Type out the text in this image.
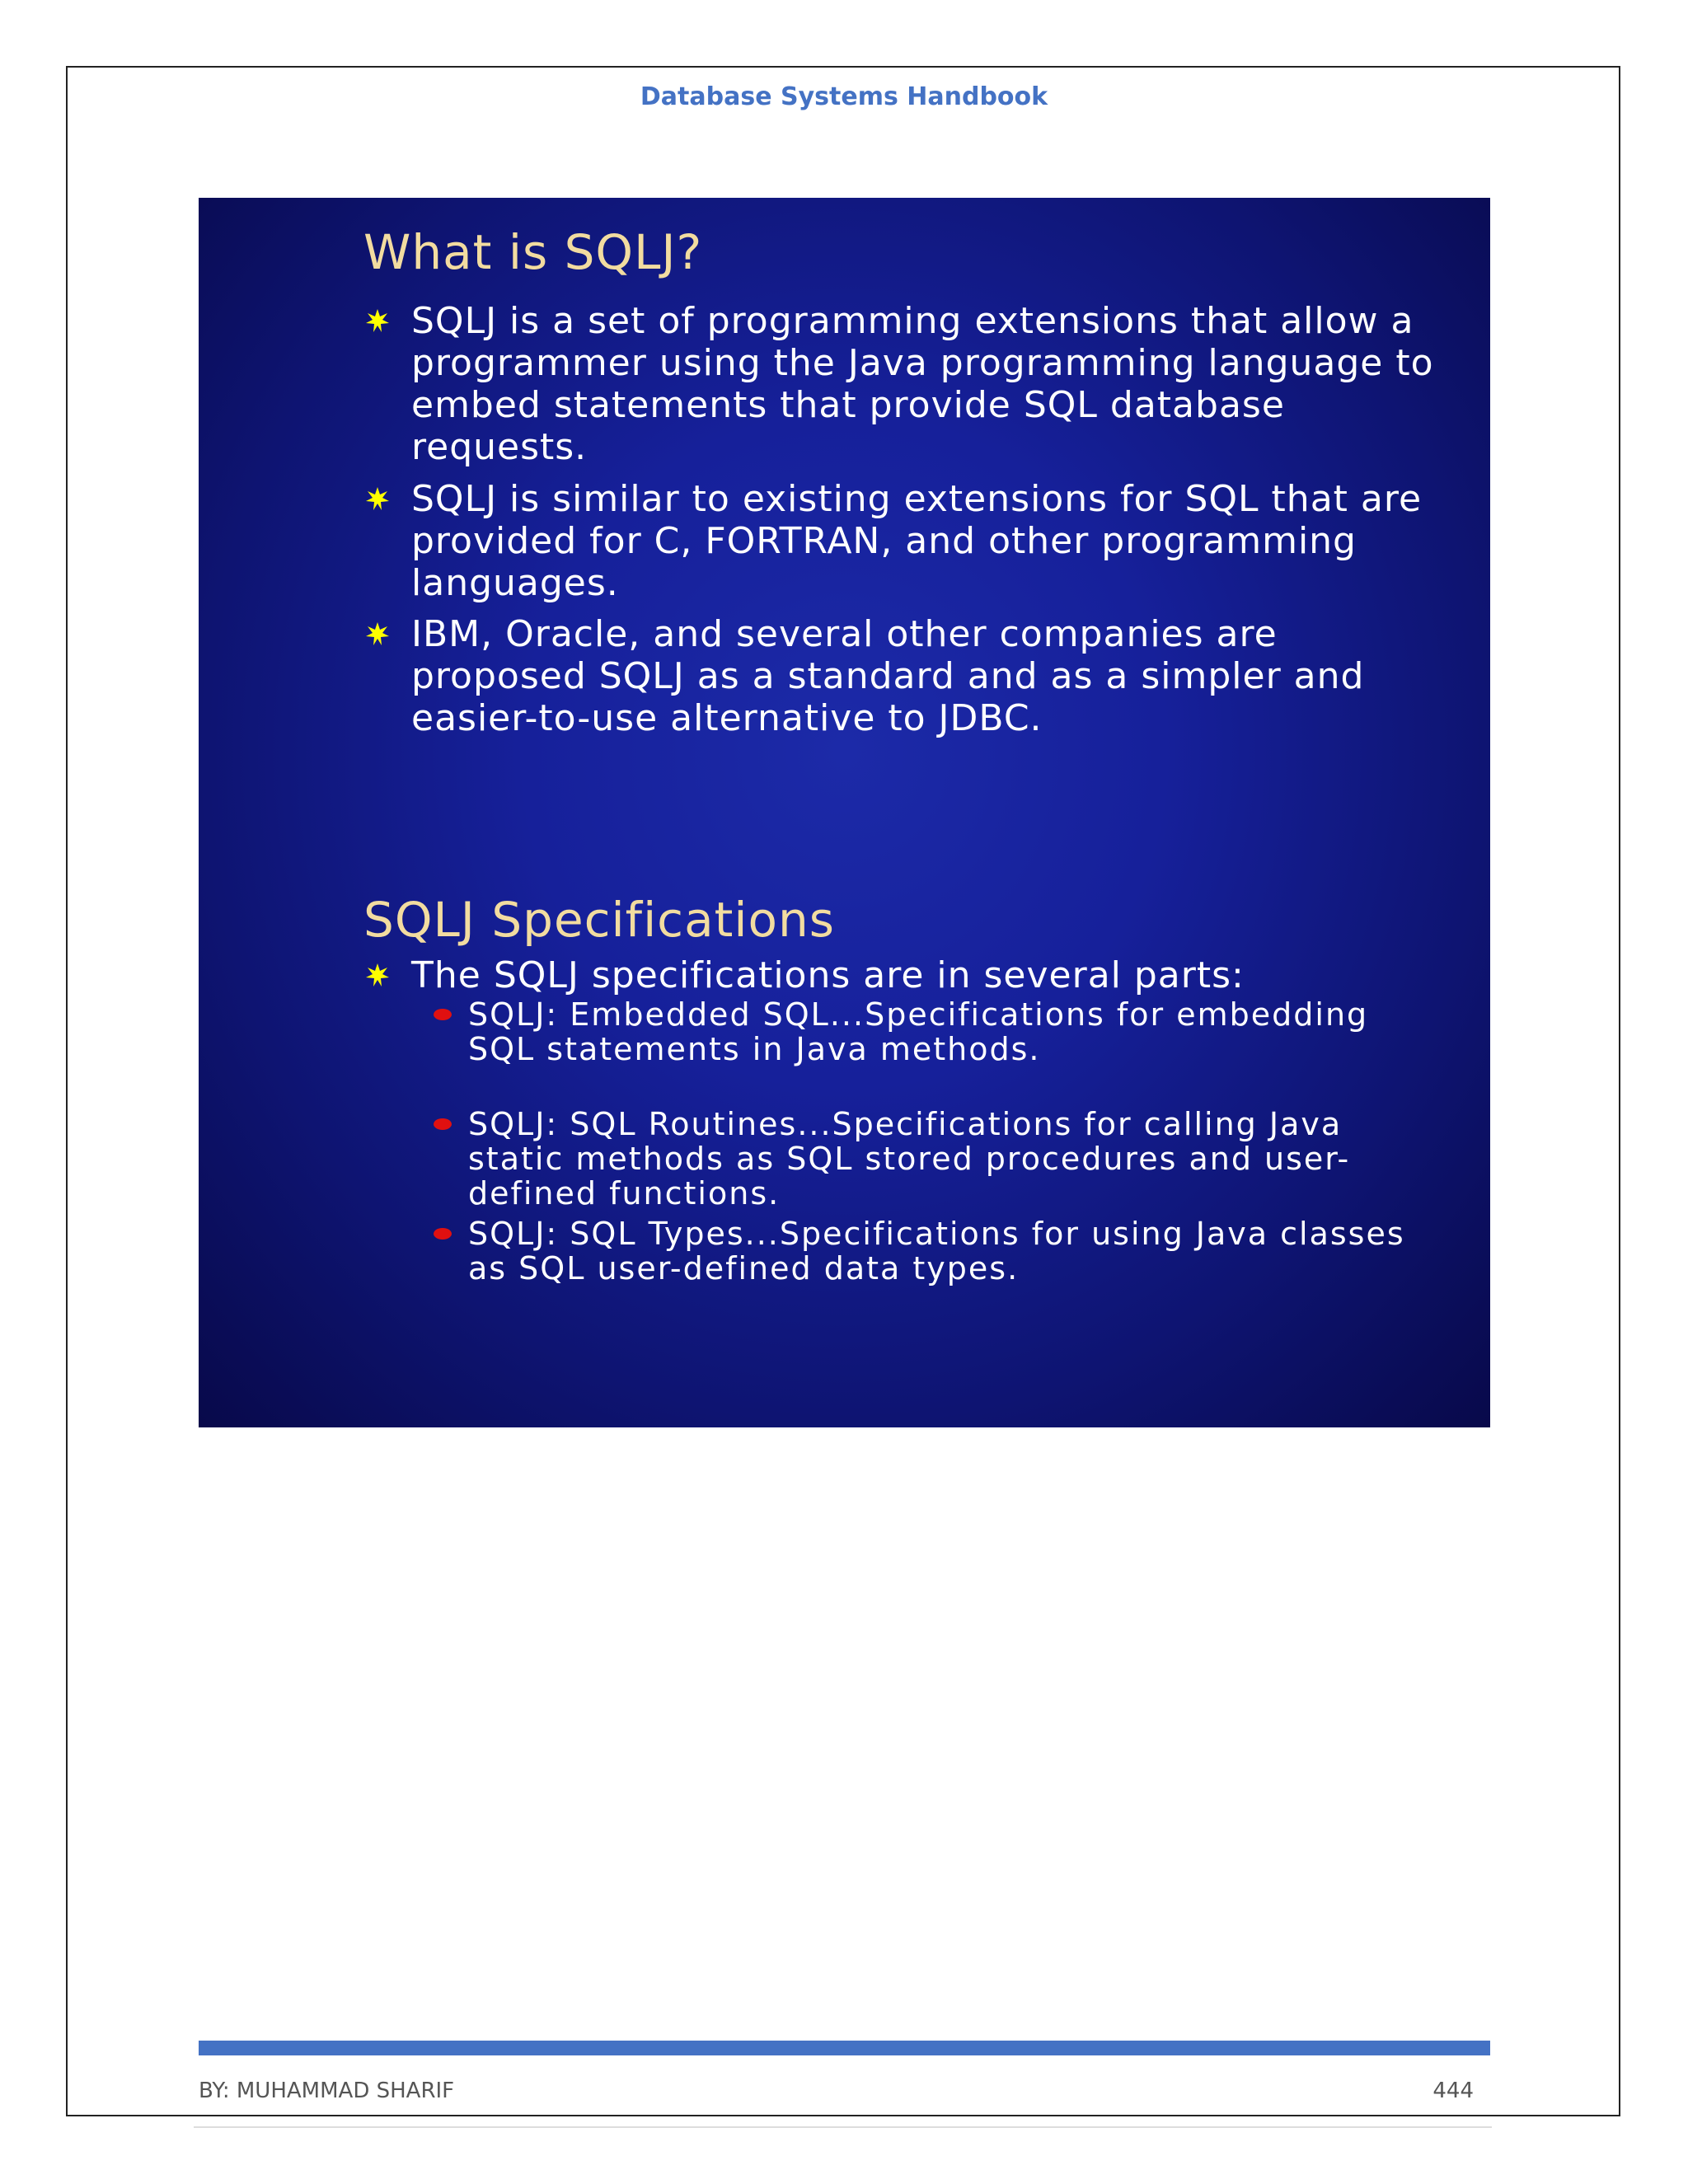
Database Systems Handbook
What is SQLJ?
SQLJ is a set of programming extensions that allow a programmer using the Java programming language to embed statements that provide SQL database requests.
SQLJ is similar to existing extensions for SQL that are provided for C, FORTRAN, and other programming languages.
IBM, Oracle, and several other companies are proposed SQLJ as a standard and as a simpler and easier-to-use alternative to JDBC.
SQLJ Specifications
The SQLJ specifications are in several parts:
SQLJ: Embedded SQL...Specifications for embedding SQL statements in Java methods.
SQLJ: SQL Routines...Specifications for calling Java static methods as SQL stored procedures and user-defined functions.
SQLJ: SQL Types...Specifications for using Java classes as SQL user-defined data types.
BY: MUHAMMAD SHARIF	444
